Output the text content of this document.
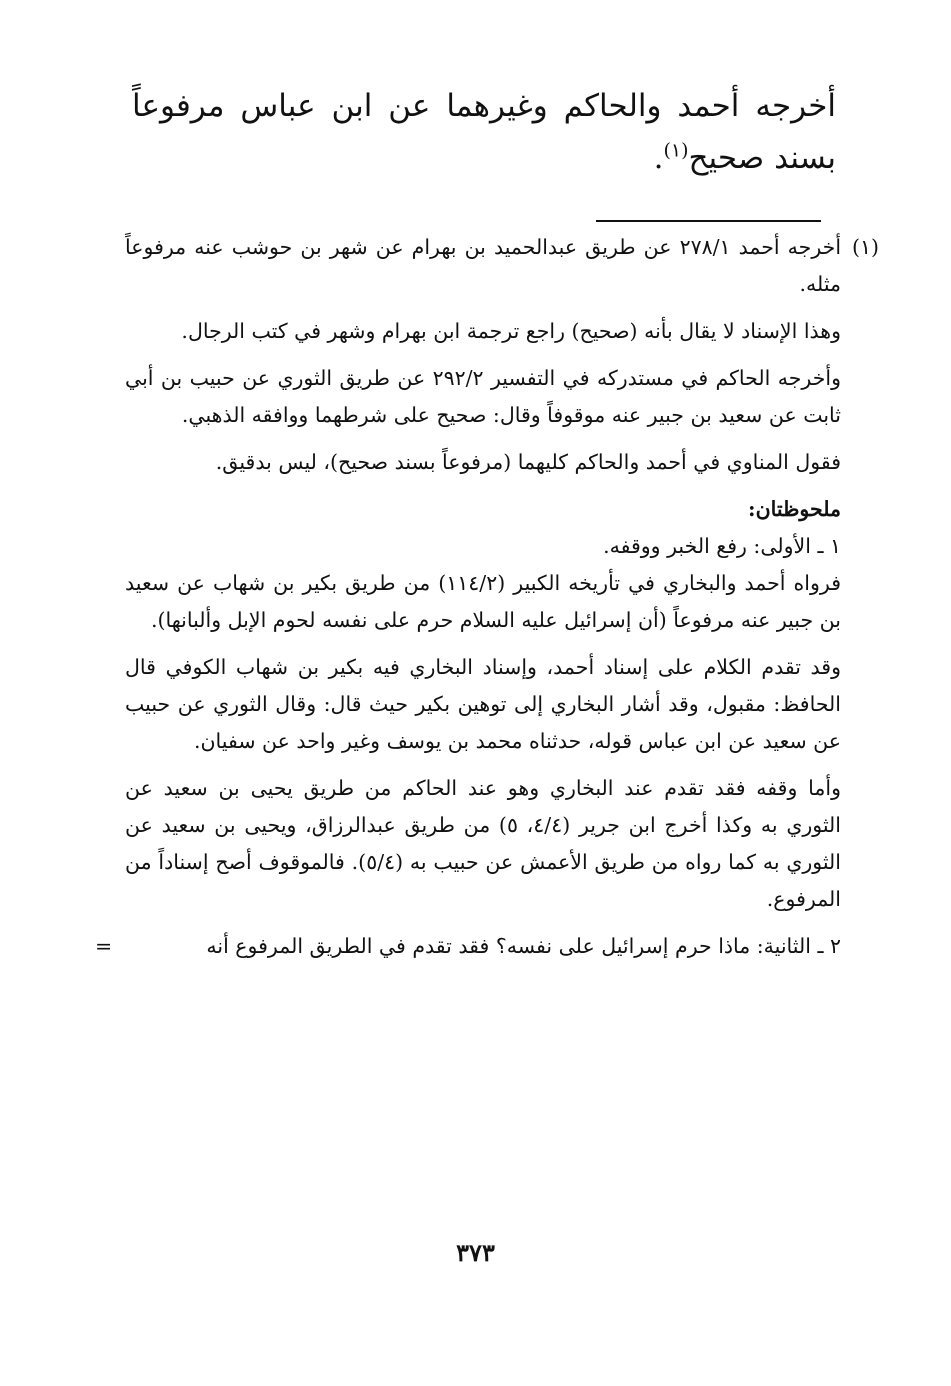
أخرجه أحمد والحاكم وغيرهما عن ابن عباس مرفوعاً بسند صحيح$^{(١)}$.

(١)
أخرجه أحمد ٢٧٨/١ عن طريق عبدالحميد بن بهرام عن شهر بن حوشب عنه مرفوعاً مثله.

وهذا الإسناد لا يقال بأنه (صحيح) راجع ترجمة ابن بهرام وشهر في كتب الرجال.

وأخرجه الحاكم في مستدركه في التفسير ٢٩٢/٢ عن طريق الثوري عن حبيب بن أبي ثابت عن سعيد بن جبير عنه موقوفاً وقال: صحيح على شرطهما ووافقه الذهبي.

فقول المناوي في أحمد والحاكم كليهما (مرفوعاً بسند صحيح)، ليس بدقيق.

ملحوظتان:

١ ـ الأولى: رفع الخبر ووقفه.

فرواه أحمد والبخاري في تأريخه الكبير (١١٤/٢) من طريق بكير بن شهاب عن سعيد بن جبير عنه مرفوعاً (أن إسرائيل عليه السلام حرم على نفسه لحوم الإبل وألبانها).

وقد تقدم الكلام على إسناد أحمد، وإسناد البخاري فيه بكير بن شهاب الكوفي قال الحافظ: مقبول، وقد أشار البخاري إلى توهين بكير حيث قال: وقال الثوري عن حبيب عن سعيد عن ابن عباس قوله، حدثناه محمد بن يوسف وغير واحد عن سفيان.

وأما وقفه فقد تقدم عند البخاري وهو عند الحاكم من طريق يحيى بن سعيد عن الثوري به وكذا أخرج ابن جرير (٤/٤، ٥) من طريق عبدالرزاق، ويحيى بن سعيد عن الثوري به كما رواه من طريق الأعمش عن حبيب به (٥/٤). فالموقوف أصح إسناداً من المرفوع.

٢ ـ الثانية: ماذا حرم إسرائيل على نفسه؟ فقد تقدم في الطريق المرفوع أنه
=

٣٧٣
